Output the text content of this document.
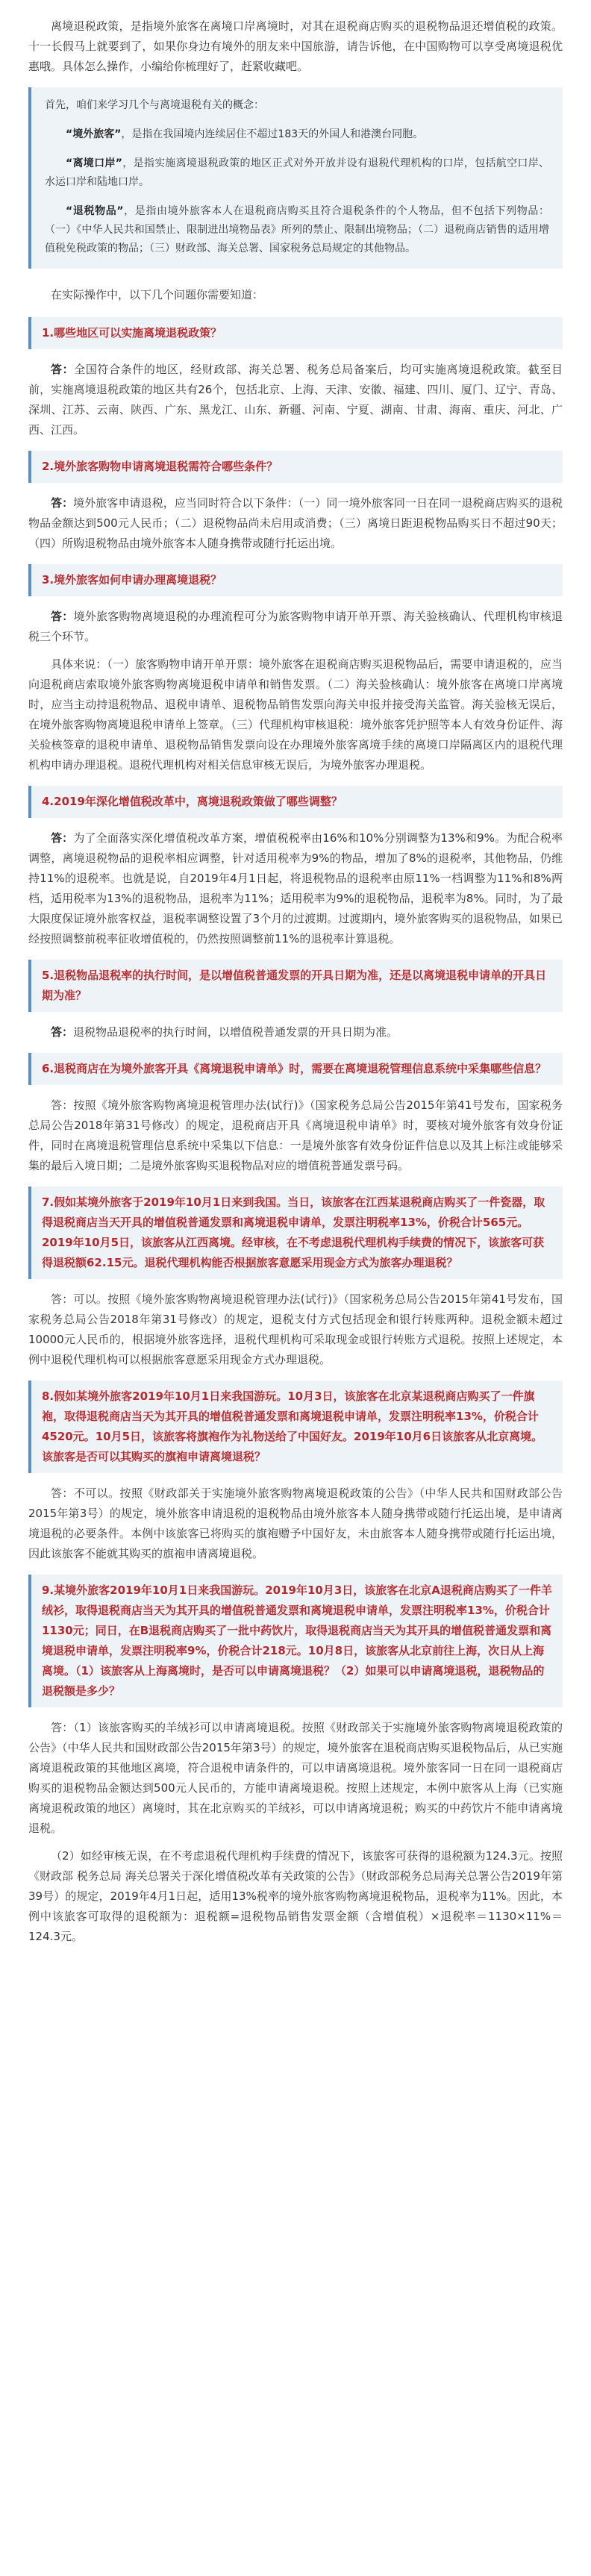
离境退税政策，是指境外旅客在离境口岸离境时，对其在退税商店购买的退税物品退还增值税的政策。十一长假马上就要到了，如果你身边有境外的朋友来中国旅游，请告诉他，在中国购物可以享受离境退税优惠哦。具体怎么操作，小编给你梳理好了，赶紧收藏吧。

首先，咱们来学习几个与离境退税有关的概念：

“境外旅客”，是指在我国境内连续居住不超过183天的外国人和港澳台同胞。

“离境口岸”，是指实施离境退税政策的地区正式对外开放并设有退税代理机构的口岸，包括航空口岸、水运口岸和陆地口岸。

“退税物品”，是指由境外旅客本人在退税商店购买且符合退税条件的个人物品，但不包括下列物品：（一）《中华人民共和国禁止、限制进出境物品表》所列的禁止、限制出境物品；（二）退税商店销售的适用增值税免税政策的物品；（三）财政部、海关总署、国家税务总局规定的其他物品。

在实际操作中，以下几个问题你需要知道：

1.哪些地区可以实施离境退税政策？

答：全国符合条件的地区，经财政部、海关总署、税务总局备案后，均可实施离境退税政策。截至目前，实施离境退税政策的地区共有26个，包括北京、上海、天津、安徽、福建、四川、厦门、辽宁、青岛、深圳、江苏、云南、陕西、广东、黑龙江、山东、新疆、河南、宁夏、湖南、甘肃、海南、重庆、河北、广西、江西。

2.境外旅客购物申请离境退税需符合哪些条件？

答：境外旅客申请退税，应当同时符合以下条件：（一）同一境外旅客同一日在同一退税商店购买的退税物品金额达到500元人民币；（二）退税物品尚未启用或消费；（三）离境日距退税物品购买日不超过90天；（四）所购退税物品由境外旅客本人随身携带或随行托运出境。

3.境外旅客如何申请办理离境退税？

答：境外旅客购物离境退税的办理流程可分为旅客购物申请开单开票、海关验核确认、代理机构审核退税三个环节。

具体来说：（一）旅客购物申请开单开票：境外旅客在退税商店购买退税物品后，需要申请退税的，应当向退税商店索取境外旅客购物离境退税申请单和销售发票。（二）海关验核确认：境外旅客在离境口岸离境时，应当主动持退税物品、退税申请单、退税物品销售发票向海关申报并接受海关监管。海关验核无误后，在境外旅客购物离境退税申请单上签章。（三）代理机构审核退税：境外旅客凭护照等本人有效身份证件、海关验核签章的退税申请单、退税物品销售发票向设在办理境外旅客离境手续的离境口岸隔离区内的退税代理机构申请办理退税。退税代理机构对相关信息审核无误后，为境外旅客办理退税。

4.2019年深化增值税改革中，离境退税政策做了哪些调整？

答：为了全面落实深化增值税改革方案，增值税税率由16%和10%分别调整为13%和9%。为配合税率调整，离境退税物品的退税率相应调整，针对适用税率为9%的物品，增加了8%的退税率，其他物品，仍维持11%的退税率。也就是说，自2019年4月1日起，将退税物品的退税率由原11%一档调整为11%和8%两档，适用税率为13%的退税物品，退税率为11%；适用税率为9%的退税物品，退税率为8%。同时，为了最大限度保证境外旅客权益，退税率调整设置了3个月的过渡期。过渡期内，境外旅客购买的退税物品，如果已经按照调整前税率征收增值税的，仍然按照调整前11%的退税率计算退税。

5.退税物品退税率的执行时间，是以增值税普通发票的开具日期为准，还是以离境退税申请单的开具日期为准？

答：退税物品退税率的执行时间，以增值税普通发票的开具日期为准。

6.退税商店在为境外旅客开具《离境退税申请单》时，需要在离境退税管理信息系统中采集哪些信息？

答：按照《境外旅客购物离境退税管理办法(试行)》（国家税务总局公告2015年第41号发布，国家税务总局公告2018年第31号修改）的规定，退税商店开具《离境退税申请单》时，要核对境外旅客有效身份证件，同时在离境退税管理信息系统中采集以下信息：一是境外旅客有效身份证件信息以及其上标注或能够采集的最后入境日期；二是境外旅客购买退税物品对应的增值税普通发票号码。

7.假如某境外旅客于2019年10月1日来到我国。当日，该旅客在江西某退税商店购买了一件瓷器，取得退税商店当天开具的增值税普通发票和离境退税申请单，发票注明税率13%，价税合计565元。2019年10月5日，该旅客从江西离境。经审核，在不考虑退税代理机构手续费的情况下，该旅客可获得退税额62.15元。退税代理机构能否根据旅客意愿采用现金方式为旅客办理退税？

答：可以。按照《境外旅客购物离境退税管理办法(试行)》（国家税务总局公告2015年第41号发布，国家税务总局公告2018年第31号修改）的规定，退税支付方式包括现金和银行转账两种。退税金额未超过10000元人民币的，根据境外旅客选择，退税代理机构可采取现金或银行转账方式退税。按照上述规定，本例中退税代理机构可以根据旅客意愿采用现金方式办理退税。

8.假如某境外旅客2019年10月1日来我国游玩。10月3日，该旅客在北京某退税商店购买了一件旗袍，取得退税商店当天为其开具的增值税普通发票和离境退税申请单，发票注明税率13%，价税合计4520元。10月5日，该旅客将旗袍作为礼物送给了中国好友。2019年10月6日该旅客从北京离境。该旅客是否可以其购买的旗袍申请离境退税？

答：不可以。按照《财政部关于实施境外旅客购物离境退税政策的公告》（中华人民共和国财政部公告2015年第3号）的规定，境外旅客申请退税的退税物品由境外旅客本人随身携带或随行托运出境，是申请离境退税的必要条件。本例中该旅客已将购买的旗袍赠予中国好友，未由旅客本人随身携带或随行托运出境，因此该旅客不能就其购买的旗袍申请离境退税。

9.某境外旅客2019年10月1日来我国游玩。2019年10月3日，该旅客在北京A退税商店购买了一件羊绒衫，取得退税商店当天为其开具的增值税普通发票和离境退税申请单，发票注明税率13%，价税合计1130元；同日，在B退税商店购买了一批中药饮片，取得退税商店当天为其开具的增值税普通发票和离境退税申请单，发票注明税率9%，价税合计218元。10月8日，该旅客从北京前往上海，次日从上海离境。（1）该旅客从上海离境时，是否可以申请离境退税？（2）如果可以申请离境退税，退税物品的退税额是多少？

答：（1）该旅客购买的羊绒衫可以申请离境退税。按照《财政部关于实施境外旅客购物离境退税政策的公告》（中华人民共和国财政部公告2015年第3号）的规定，境外旅客在退税商店购买退税物品后，从已实施离境退税政策的其他地区离境，符合退税申请条件的，可以申请离境退税。境外旅客同一日在同一退税商店购买的退税物品金额达到500元人民币的，方能申请离境退税。按照上述规定，本例中旅客从上海（已实施离境退税政策的地区）离境时，其在北京购买的羊绒衫，可以申请离境退税；购买的中药饮片不能申请离境退税。

（2）如经审核无误，在不考虑退税代理机构手续费的情况下，该旅客可获得的退税额为124.3元。按照《财政部 税务总局 海关总署关于深化增值税改革有关政策的公告》（财政部税务总局海关总署公告2019年第39号）的规定，2019年4月1日起，适用13%税率的境外旅客购物离境退税物品，退税率为11%。因此，本例中该旅客可取得的退税额为：退税额=退税物品销售发票金额（含增值税）×退税率＝1130×11%＝124.3元。
